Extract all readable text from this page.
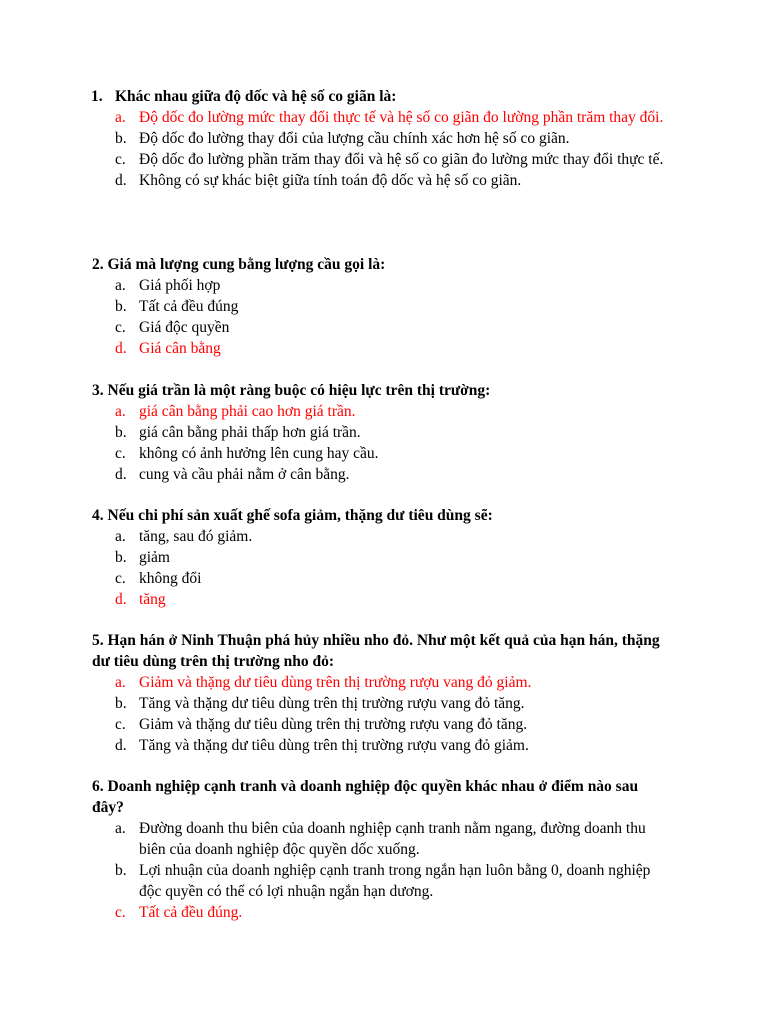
1. Khác nhau giữa độ dốc và hệ số co giãn là:

a. Độ dốc đo lường mức thay đổi thực tế và hệ số co giãn đo lường phần trăm thay đổi.
b. Độ dốc đo lường thay đổi của lượng cầu chính xác hơn hệ số co giãn.
c. Độ dốc đo lường phần trăm thay đổi và hệ số co giãn đo lường mức thay đổi thực tế.
d. Không có sự khác biệt giữa tính toán độ dốc và hệ số co giãn.

2. Giá mà lượng cung bằng lượng cầu gọi là:

a. Giá phối hợp
b. Tất cả đều đúng
c. Giá độc quyền
d. Giá cân bằng

3. Nếu giá trần là một ràng buộc có hiệu lực trên thị trường:

a. giá cân bằng phải cao hơn giá trần.
b. giá cân bằng phải thấp hơn giá trần.
c. không có ảnh hưởng lên cung hay cầu.
d. cung và cầu phải nằm ở cân bằng.

4. Nếu chi phí sản xuất ghế sofa giảm, thặng dư tiêu dùng sẽ:

a. tăng, sau đó giảm.
b. giảm
c. không đổi
d. tăng

5. Hạn hán ở Ninh Thuận phá hủy nhiều nho đỏ. Như một kết quả của hạn hán, thặng dư tiêu dùng trên thị trường nho đỏ:

a. Giảm và thặng dư tiêu dùng trên thị trường rượu vang đỏ giảm.
b. Tăng và thặng dư tiêu dùng trên thị trường rượu vang đỏ tăng.
c. Giảm và thặng dư tiêu dùng trên thị trường rượu vang đỏ tăng.
d. Tăng và thặng dư tiêu dùng trên thị trường rượu vang đỏ giảm.

6. Doanh nghiệp cạnh tranh và doanh nghiệp độc quyền khác nhau ở điểm nào sau đây?

a. Đường doanh thu biên của doanh nghiệp cạnh tranh nằm ngang, đường doanh thu biên của doanh nghiệp độc quyền dốc xuống.
b. Lợi nhuận của doanh nghiệp cạnh tranh trong ngắn hạn luôn bằng 0, doanh nghiệp độc quyền có thể có lợi nhuận ngắn hạn dương.
c. Tất cả đều đúng.
